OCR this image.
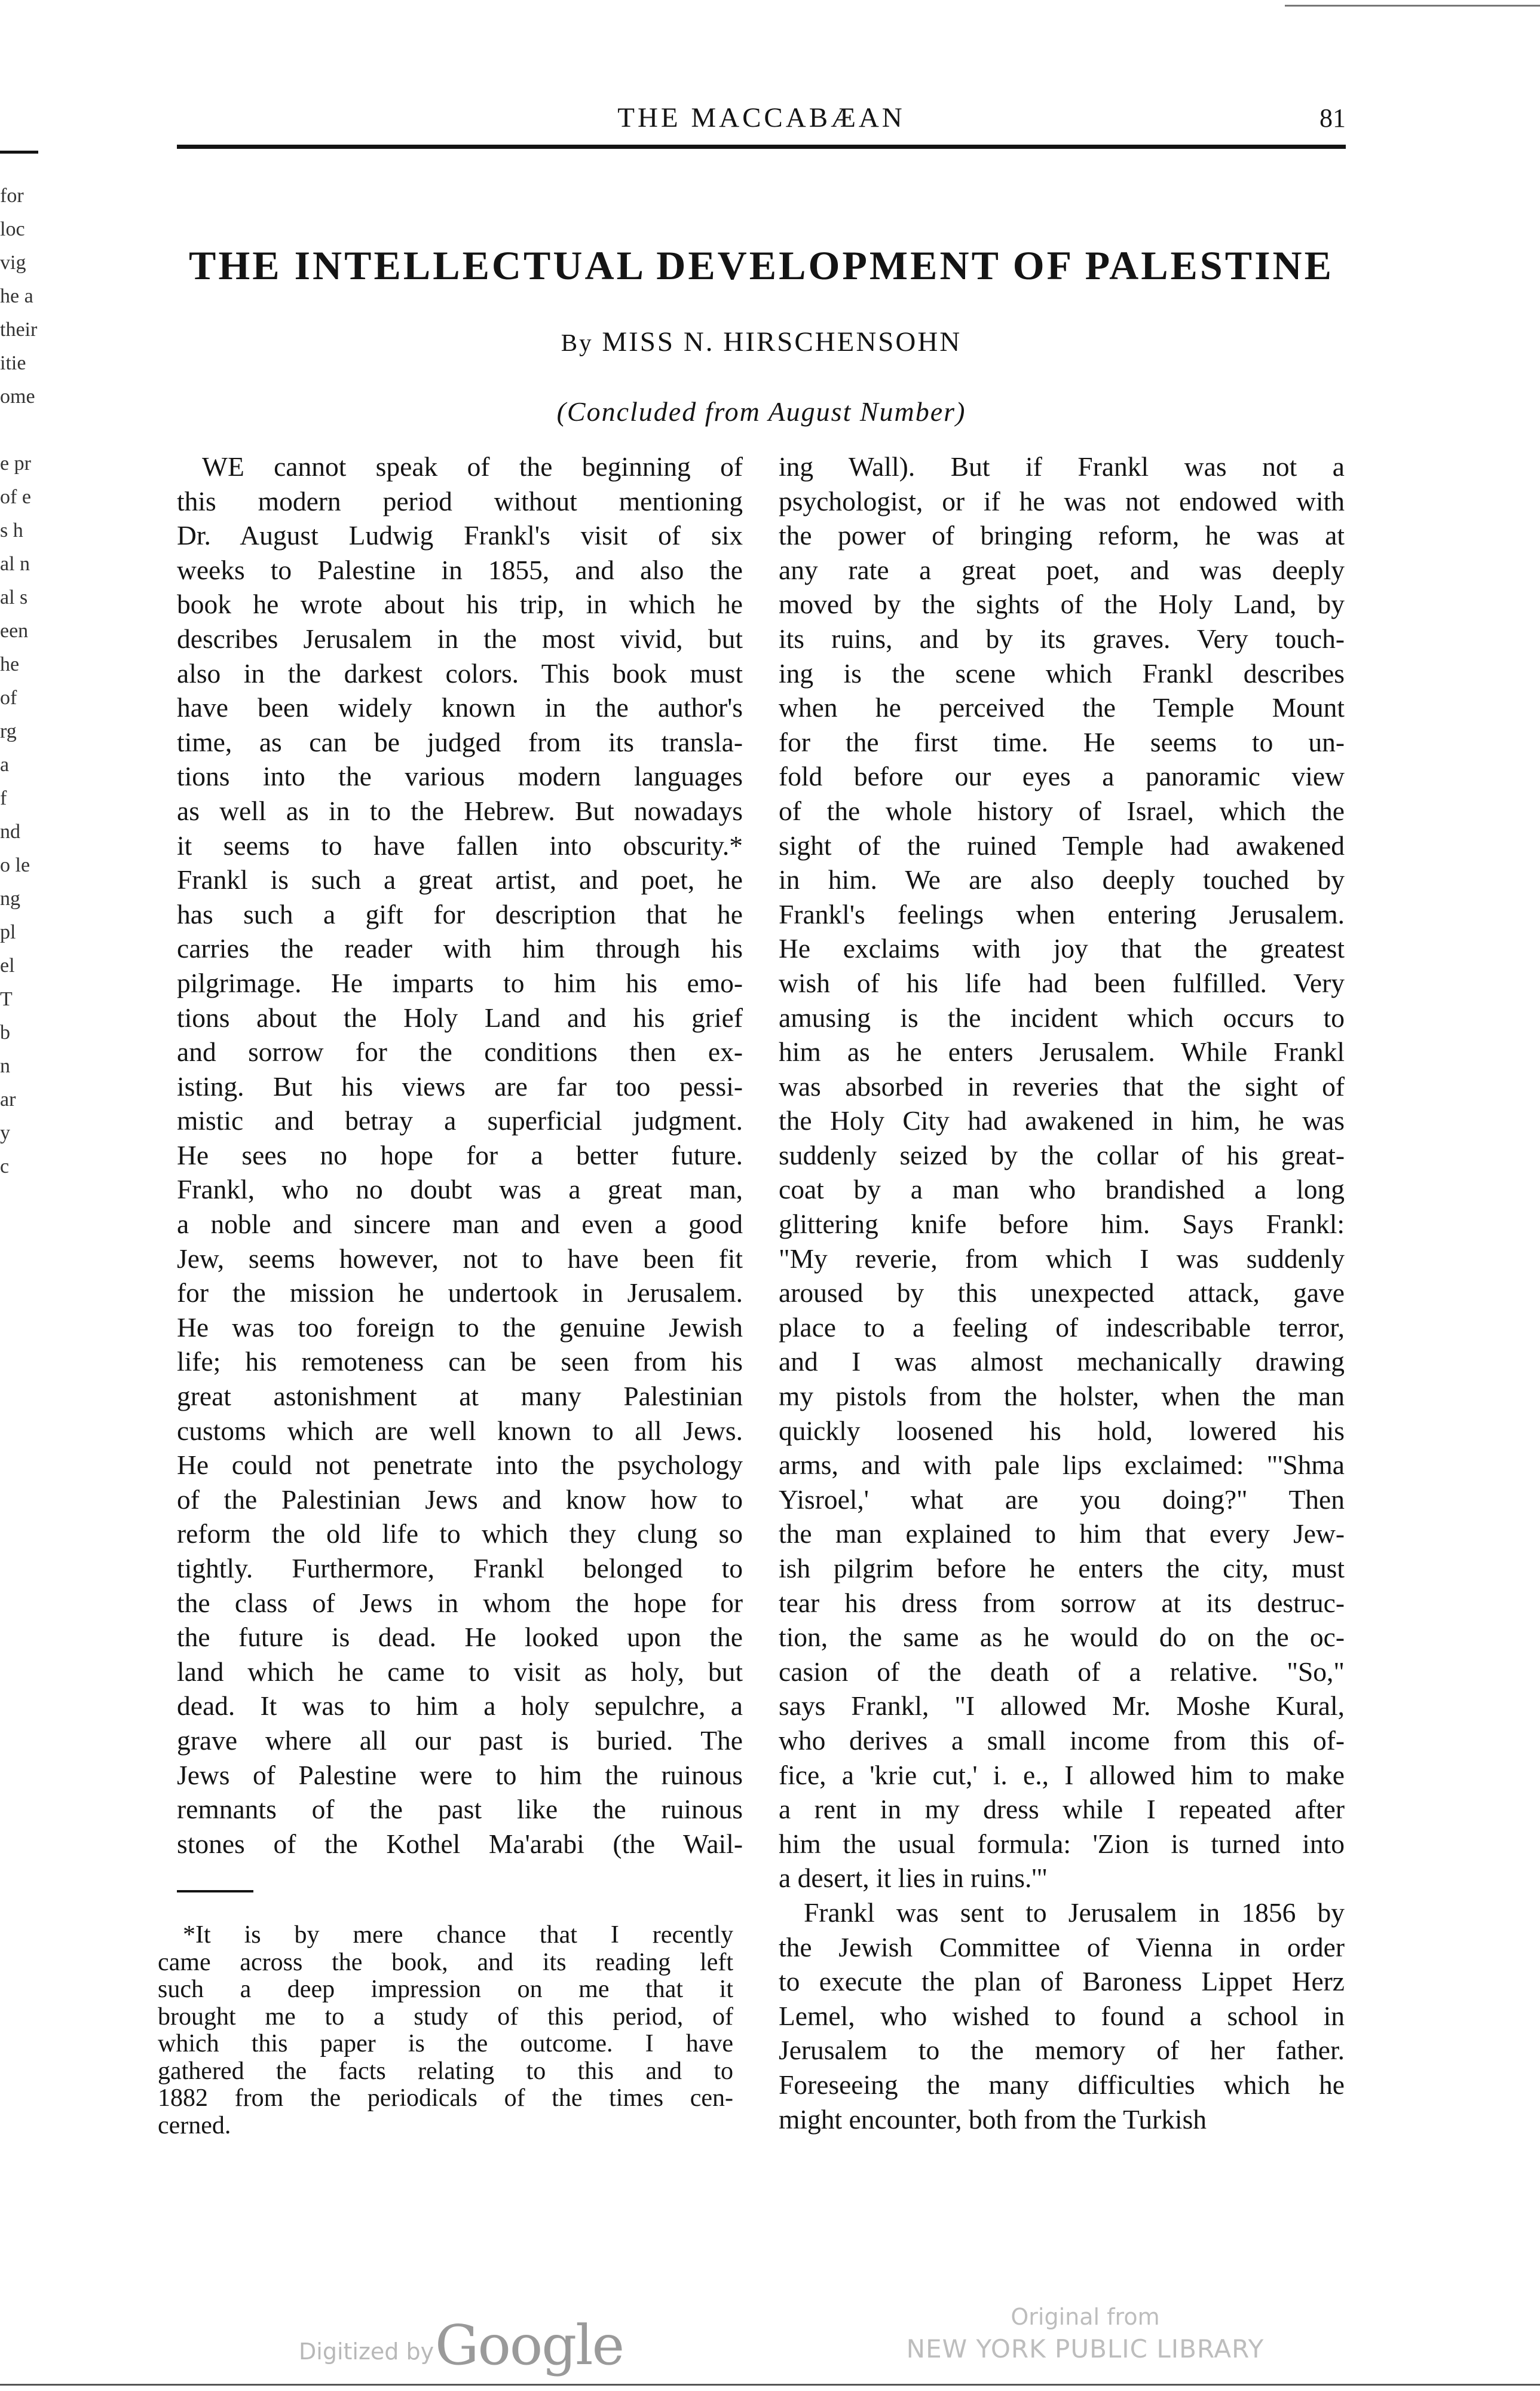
for
loc
vig
he a
their
itie
ome
e pr
of e
s h
al n
al s
een
he
of
rg
a
f
nd
o le
ng
pl
el
T
b
n
ar
y
c
THE MACCABÆAN	81
THE INTELLECTUAL DEVELOPMENT OF PALESTINE
By MISS N. HIRSCHENSOHN
(Concluded from August Number)
WE cannot speak of the beginning of
this modern period without mentioning
Dr. August Ludwig Frankl's visit of six
weeks to Palestine in 1855, and also the
book he wrote about his trip, in which he
describes Jerusalem in the most vivid, but
also in the darkest colors. This book must
have been widely known in the author's
time, as can be judged from its transla-
tions into the various modern languages
as well as in to the Hebrew. But nowadays
it seems to have fallen into obscurity.*
Frankl is such a great artist, and poet, he
has such a gift for description that he
carries the reader with him through his
pilgrimage. He imparts to him his emo-
tions about the Holy Land and his grief
and sorrow for the conditions then ex-
isting. But his views are far too pessi-
mistic and betray a superficial judgment.
He sees no hope for a better future.
Frankl, who no doubt was a great man,
a noble and sincere man and even a good
Jew, seems however, not to have been fit
for the mission he undertook in Jerusalem.
He was too foreign to the genuine Jewish
life; his remoteness can be seen from his
great astonishment at many Palestinian
customs which are well known to all Jews.
He could not penetrate into the psychology
of the Palestinian Jews and know how to
reform the old life to which they clung so
tightly. Furthermore, Frankl belonged to
the class of Jews in whom the hope for
the future is dead. He looked upon the
land which he came to visit as holy, but
dead. It was to him a holy sepulchre, a
grave where all our past is buried. The
Jews of Palestine were to him the ruinous
remnants of the past like the ruinous
stones of the Kothel Ma'arabi (the Wail-
ing Wall). But if Frankl was not a
psychologist, or if he was not endowed with
the power of bringing reform, he was at
any rate a great poet, and was deeply
moved by the sights of the Holy Land, by
its ruins, and by its graves. Very touch-
ing is the scene which Frankl describes
when he perceived the Temple Mount
for the first time. He seems to un-
fold before our eyes a panoramic view
of the whole history of Israel, which the
sight of the ruined Temple had awakened
in him. We are also deeply touched by
Frankl's feelings when entering Jerusalem.
He exclaims with joy that the greatest
wish of his life had been fulfilled. Very
amusing is the incident which occurs to
him as he enters Jerusalem. While Frankl
was absorbed in reveries that the sight of
the Holy City had awakened in him, he was
suddenly seized by the collar of his great-
coat by a man who brandished a long
glittering knife before him. Says Frankl:
"My reverie, from which I was suddenly
aroused by this unexpected attack, gave
place to a feeling of indescribable terror,
and I was almost mechanically drawing
my pistols from the holster, when the man
quickly loosened his hold, lowered his
arms, and with pale lips exclaimed: "'Shma
Yisroel,' what are you doing?" Then
the man explained to him that every Jew-
ish pilgrim before he enters the city, must
tear his dress from sorrow at its destruc-
tion, the same as he would do on the oc-
casion of the death of a relative. "So,"
says Frankl, "I allowed Mr. Moshe Kural,
who derives a small income from this of-
fice, a 'krie cut,' i. e., I allowed him to make
a rent in my dress while I repeated after
him the usual formula: 'Zion is turned into
a desert, it lies in ruins.'"
Frankl was sent to Jerusalem in 1856 by
the Jewish Committee of Vienna in order
to execute the plan of Baroness Lippet Herz
Lemel, who wished to found a school in
Jerusalem to the memory of her father.
Foreseeing the many difficulties which he
might encounter, both from the Turkish
*It is by mere chance that I recently
came across the book, and its reading left
such a deep impression on me that it
brought me to a study of this period, of
which this paper is the outcome. I have
gathered the facts relating to this and to
1882 from the periodicals of the times cen-
cerned.
Digitized by Google	Original from
NEW YORK PUBLIC LIBRARY
